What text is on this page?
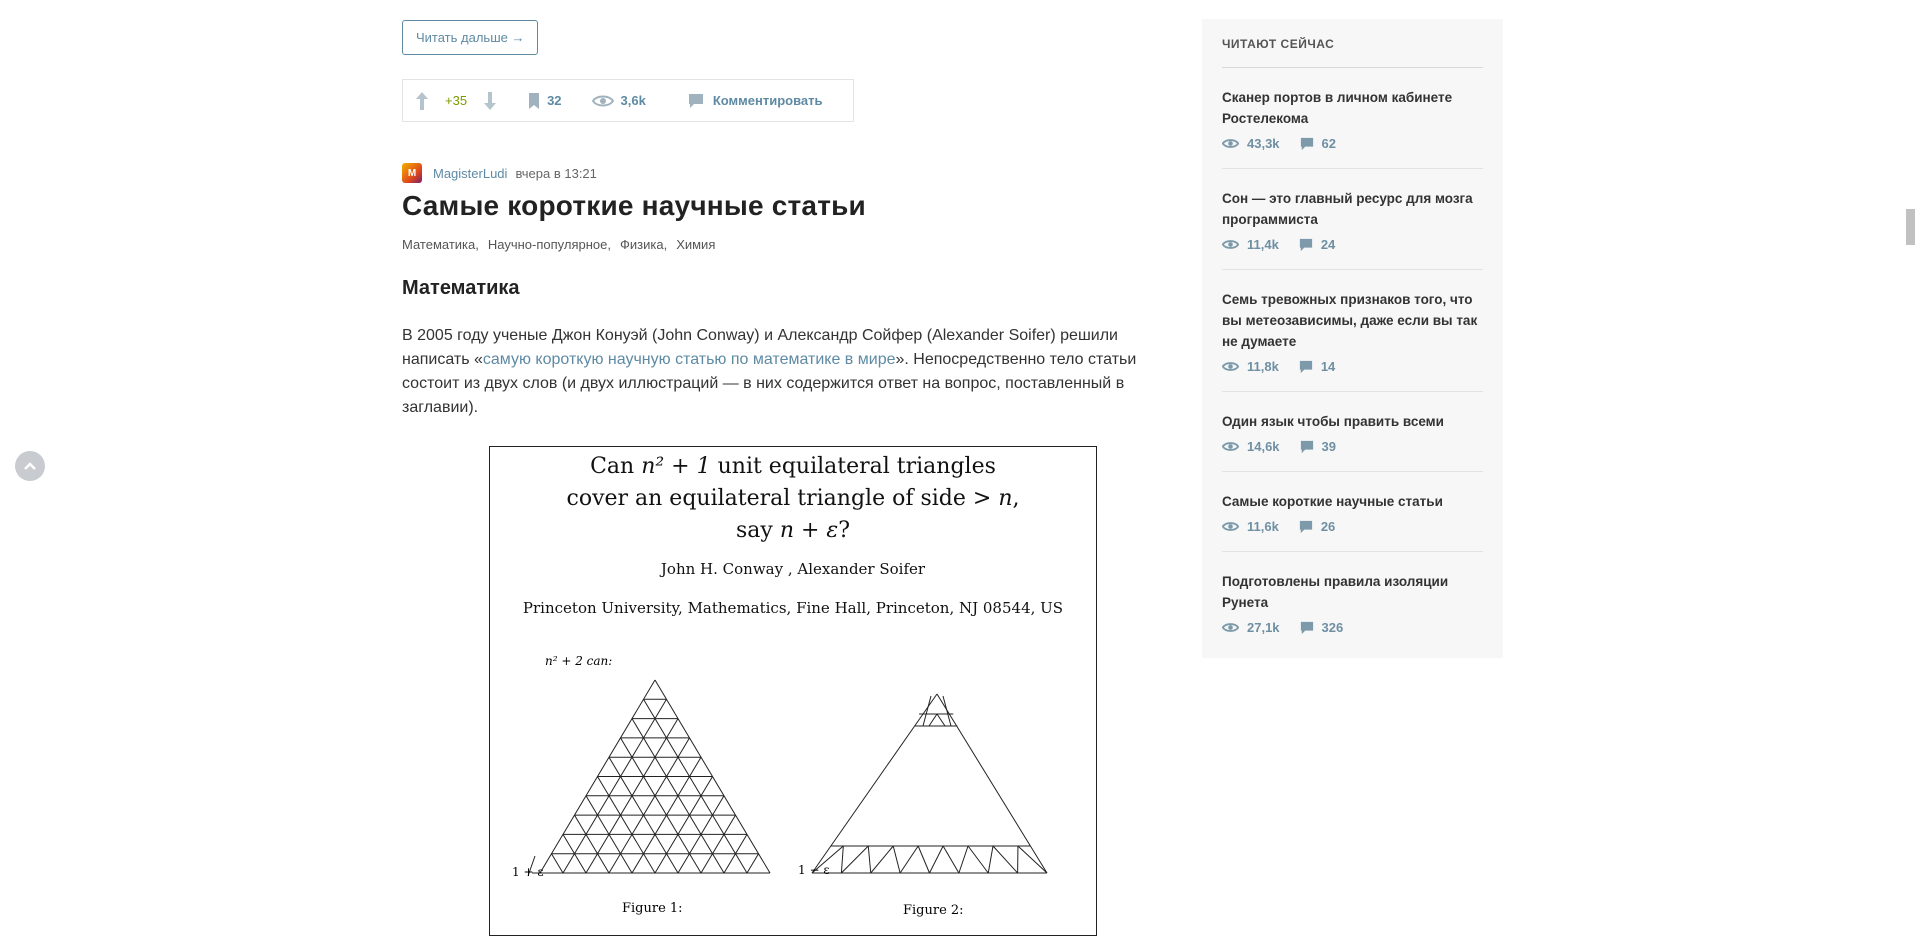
Читать дальше →
+35	32	3,6k	Комментировать
M	MagisterLudi вчера в 13:21
Самые короткие научные статьи
Математика, Научно-популярное, Физика, Химия
Математика

В 2005 году ученые Джон Конуэй (John Conway) и Александр Сойфер (Alexander Soifer) решили написать «самую короткую научную статью по математике в мире». Непосредственно тело статьи состоит из двух слов (и двух иллюстраций — в них содержится ответ на вопрос, поставленный в заглавии).

Can n² + 1 unit equilateral triangles
cover an equilateral triangle of side > n,
say n + ε?

John H. Conway , Alexander Soifer
Princeton University, Mathematics, Fine Hall, Princeton, NJ 08544, US
n² + 2 can:
1 + ε	1 − ε
Figure 1:	Figure 2:
ЧИТАЮТ СЕЙЧАС
Сканер портов в личном кабинете Ростелекома
43,3k	62
Сон — это главный ресурс для мозга программиста
11,4k	24
Семь тревожных признаков того, что вы метеозависимы, даже если вы так не думаете
11,8k	14
Один язык чтобы править всеми
14,6k	39
Самые короткие научные статьи
11,6k	26
Подготовлены правила изоляции Рунета
27,1k	326
